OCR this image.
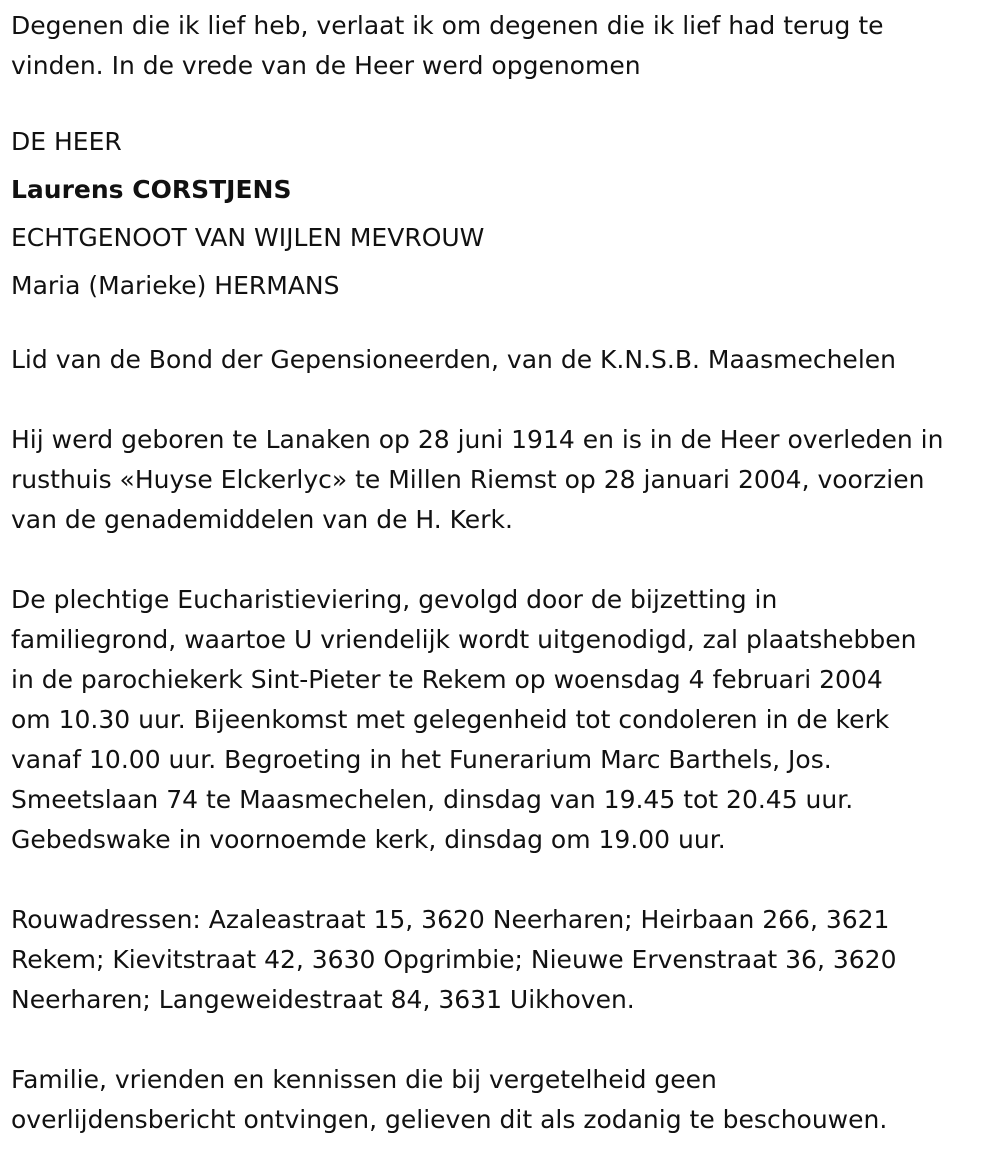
Degenen die ik lief heb, verlaat ik om degenen die ik lief had terug te

vinden. In de vrede van de Heer werd opgenomen

DE HEER

Laurens CORSTJENS

ECHTGENOOT VAN WIJLEN MEVROUW

Maria (Marieke) HERMANS

Lid van de Bond der Gepensioneerden, van de K.N.S.B. Maasmechelen

Hij werd geboren te Lanaken op 28 juni 1914 en is in de Heer overleden in

rusthuis «Huyse Elckerlyc» te Millen Riemst op 28 januari 2004, voorzien

van de genademiddelen van de H. Kerk.

De plechtige Eucharistieviering, gevolgd door de bijzetting in

familiegrond, waartoe U vriendelijk wordt uitgenodigd, zal plaatshebben

in de parochiekerk Sint-Pieter te Rekem op woensdag 4 februari 2004

om 10.30 uur. Bijeenkomst met gelegenheid tot condoleren in de kerk

vanaf 10.00 uur. Begroeting in het Funerarium Marc Barthels, Jos.

Smeetslaan 74 te Maasmechelen, dinsdag van 19.45 tot 20.45 uur.

Gebedswake in voornoemde kerk, dinsdag om 19.00 uur.

Rouwadressen: Azaleastraat 15, 3620 Neerharen; Heirbaan 266, 3621

Rekem; Kievitstraat 42, 3630 Opgrimbie; Nieuwe Ervenstraat 36, 3620

Neerharen; Langeweidestraat 84, 3631 Uikhoven.

Familie, vrienden en kennissen die bij vergetelheid geen

overlijdensbericht ontvingen, gelieven dit als zodanig te beschouwen.
